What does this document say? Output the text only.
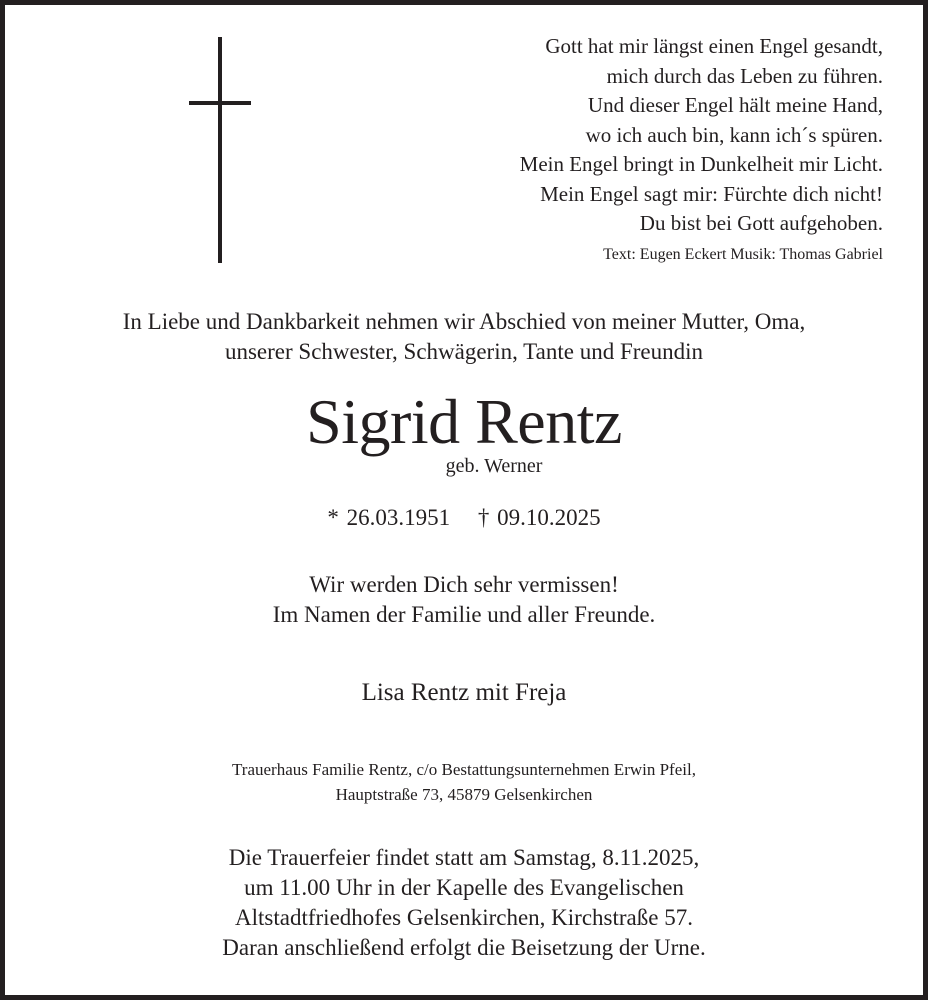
Gott hat mir längst einen Engel gesandt,
mich durch das Leben zu führen.
Und dieser Engel hält meine Hand,
wo ich auch bin, kann ich´s spüren.
Mein Engel bringt in Dunkelheit mir Licht.
Mein Engel sagt mir: Fürchte dich nicht!
Du bist bei Gott aufgehoben.
Text: Eugen Eckert Musik: Thomas Gabriel
In Liebe und Dankbarkeit nehmen wir Abschied von meiner Mutter, Oma,
unserer Schwester, Schwägerin, Tante und Freundin
Sigrid Rentz
geb. Werner
* 26.03.1951 † 09.10.2025
Wir werden Dich sehr vermissen!
Im Namen der Familie und aller Freunde.
Lisa Rentz mit Freja
Trauerhaus Familie Rentz, c/o Bestattungsunternehmen Erwin Pfeil,
Hauptstraße 73, 45879 Gelsenkirchen
Die Trauerfeier findet statt am Samstag, 8.11.2025,
um 11.00 Uhr in der Kapelle des Evangelischen
Altstadtfriedhofes Gelsenkirchen, Kirchstraße 57.
Daran anschließend erfolgt die Beisetzung der Urne.
